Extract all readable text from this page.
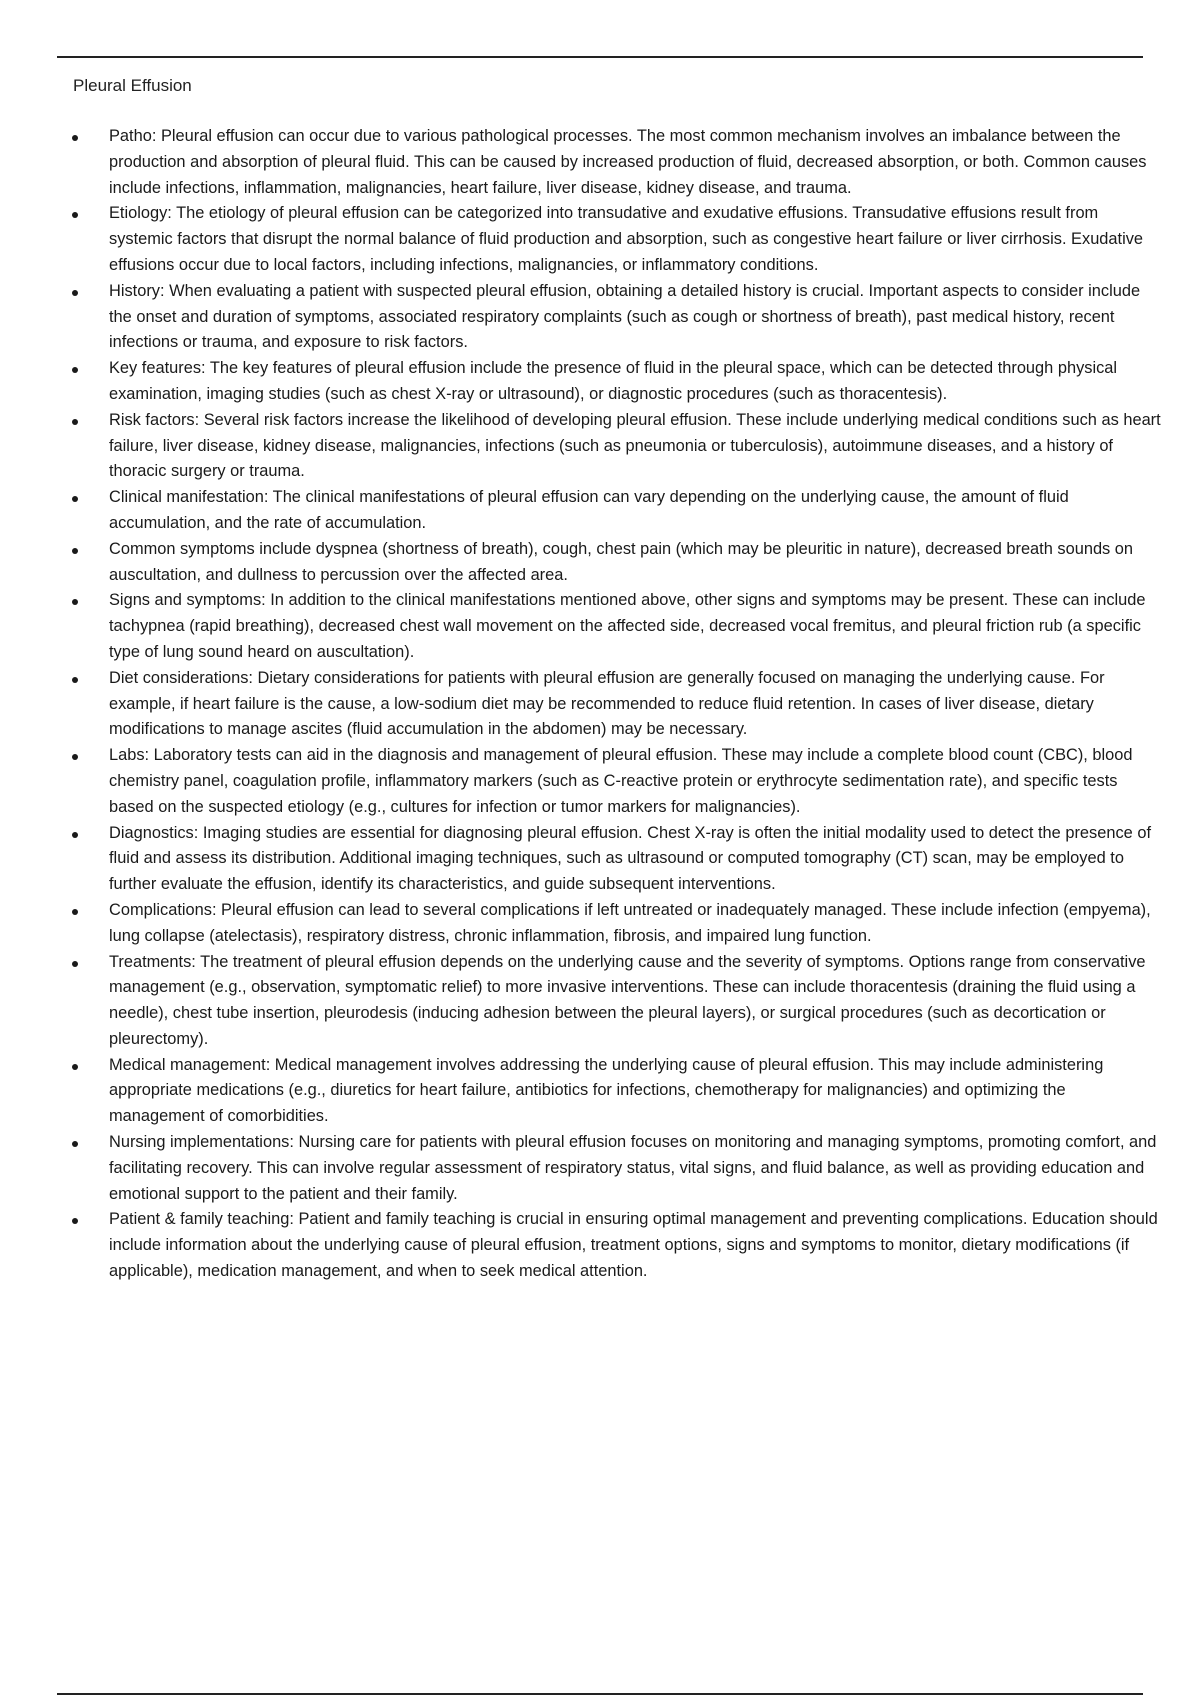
Pleural Effusion
Patho: Pleural effusion can occur due to various pathological processes. The most common mechanism involves an imbalance between the production and absorption of pleural fluid. This can be caused by increased production of fluid, decreased absorption, or both. Common causes include infections, inflammation, malignancies, heart failure, liver disease, kidney disease, and trauma.
Etiology: The etiology of pleural effusion can be categorized into transudative and exudative effusions. Transudative effusions result from systemic factors that disrupt the normal balance of fluid production and absorption, such as congestive heart failure or liver cirrhosis. Exudative effusions occur due to local factors, including infections, malignancies, or inflammatory conditions.
History: When evaluating a patient with suspected pleural effusion, obtaining a detailed history is crucial. Important aspects to consider include the onset and duration of symptoms, associated respiratory complaints (such as cough or shortness of breath), past medical history, recent infections or trauma, and exposure to risk factors.
Key features: The key features of pleural effusion include the presence of fluid in the pleural space, which can be detected through physical examination, imaging studies (such as chest X-ray or ultrasound), or diagnostic procedures (such as thoracentesis).
Risk factors: Several risk factors increase the likelihood of developing pleural effusion. These include underlying medical conditions such as heart failure, liver disease, kidney disease, malignancies, infections (such as pneumonia or tuberculosis), autoimmune diseases, and a history of thoracic surgery or trauma.
Clinical manifestation: The clinical manifestations of pleural effusion can vary depending on the underlying cause, the amount of fluid accumulation, and the rate of accumulation.
Common symptoms include dyspnea (shortness of breath), cough, chest pain (which may be pleuritic in nature), decreased breath sounds on auscultation, and dullness to percussion over the affected area.
Signs and symptoms: In addition to the clinical manifestations mentioned above, other signs and symptoms may be present. These can include tachypnea (rapid breathing), decreased chest wall movement on the affected side, decreased vocal fremitus, and pleural friction rub (a specific type of lung sound heard on auscultation).
Diet considerations: Dietary considerations for patients with pleural effusion are generally focused on managing the underlying cause. For example, if heart failure is the cause, a low-sodium diet may be recommended to reduce fluid retention. In cases of liver disease, dietary modifications to manage ascites (fluid accumulation in the abdomen) may be necessary.
Labs: Laboratory tests can aid in the diagnosis and management of pleural effusion. These may include a complete blood count (CBC), blood chemistry panel, coagulation profile, inflammatory markers (such as C-reactive protein or erythrocyte sedimentation rate), and specific tests based on the suspected etiology (e.g., cultures for infection or tumor markers for malignancies).
Diagnostics: Imaging studies are essential for diagnosing pleural effusion. Chest X-ray is often the initial modality used to detect the presence of fluid and assess its distribution. Additional imaging techniques, such as ultrasound or computed tomography (CT) scan, may be employed to further evaluate the effusion, identify its characteristics, and guide subsequent interventions.
Complications: Pleural effusion can lead to several complications if left untreated or inadequately managed. These include infection (empyema), lung collapse (atelectasis), respiratory distress, chronic inflammation, fibrosis, and impaired lung function.
Treatments: The treatment of pleural effusion depends on the underlying cause and the severity of symptoms. Options range from conservative management (e.g., observation, symptomatic relief) to more invasive interventions. These can include thoracentesis (draining the fluid using a needle), chest tube insertion, pleurodesis (inducing adhesion between the pleural layers), or surgical procedures (such as decortication or pleurectomy).
Medical management: Medical management involves addressing the underlying cause of pleural effusion. This may include administering appropriate medications (e.g., diuretics for heart failure, antibiotics for infections, chemotherapy for malignancies) and optimizing the management of comorbidities.
Nursing implementations: Nursing care for patients with pleural effusion focuses on monitoring and managing symptoms, promoting comfort, and facilitating recovery. This can involve regular assessment of respiratory status, vital signs, and fluid balance, as well as providing education and emotional support to the patient and their family.
Patient & family teaching: Patient and family teaching is crucial in ensuring optimal management and preventing complications. Education should include information about the underlying cause of pleural effusion, treatment options, signs and symptoms to monitor, dietary modifications (if applicable), medication management, and when to seek medical attention.
